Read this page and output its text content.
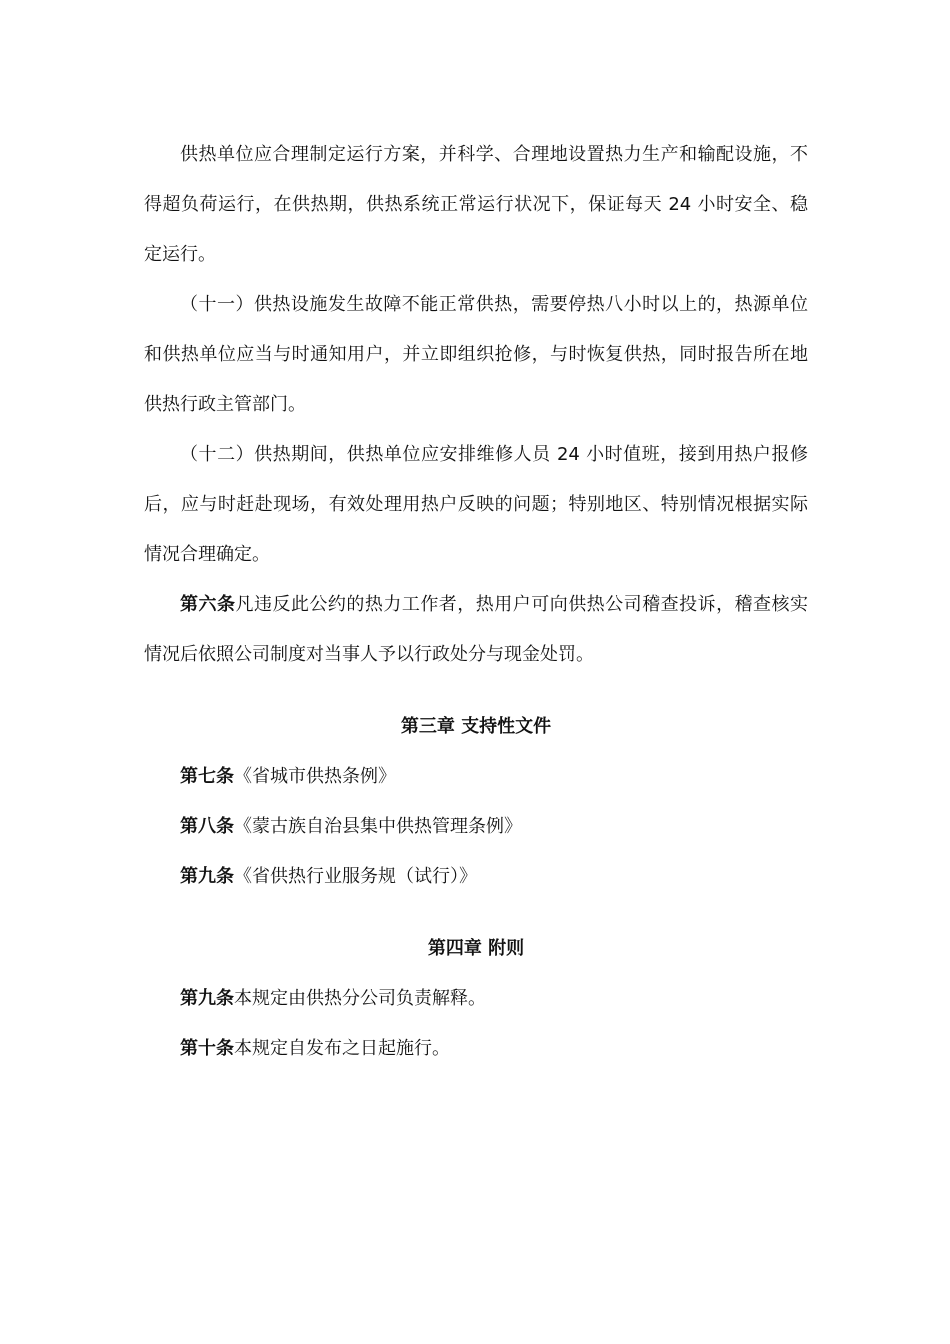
供热单位应合理制定运行方案，并科学、合理地设置热力生产和输配设施，不得超负荷运行，在供热期，供热系统正常运行状况下，保证每天 24 小时安全、稳定运行。

（十一）供热设施发生故障不能正常供热，需要停热八小时以上的，热源单位和供热单位应当与时通知用户，并立即组织抢修，与时恢复供热，同时报告所在地供热行政主管部门。

（十二）供热期间，供热单位应安排维修人员 24 小时值班，接到用热户报修后，应与时赶赴现场，有效处理用热户反映的问题；特别地区、特别情况根据实际情况合理确定。

第六条凡违反此公约的热力工作者，热用户可向供热公司稽查投诉，稽查核实情况后依照公司制度对当事人予以行政处分与现金处罚。

第三章 支持性文件

第七条《省城市供热条例》

第八条《蒙古族自治县集中供热管理条例》

第九条《省供热行业服务规（试行）》

第四章 附则

第九条本规定由供热分公司负责解释。

第十条本规定自发布之日起施行。
